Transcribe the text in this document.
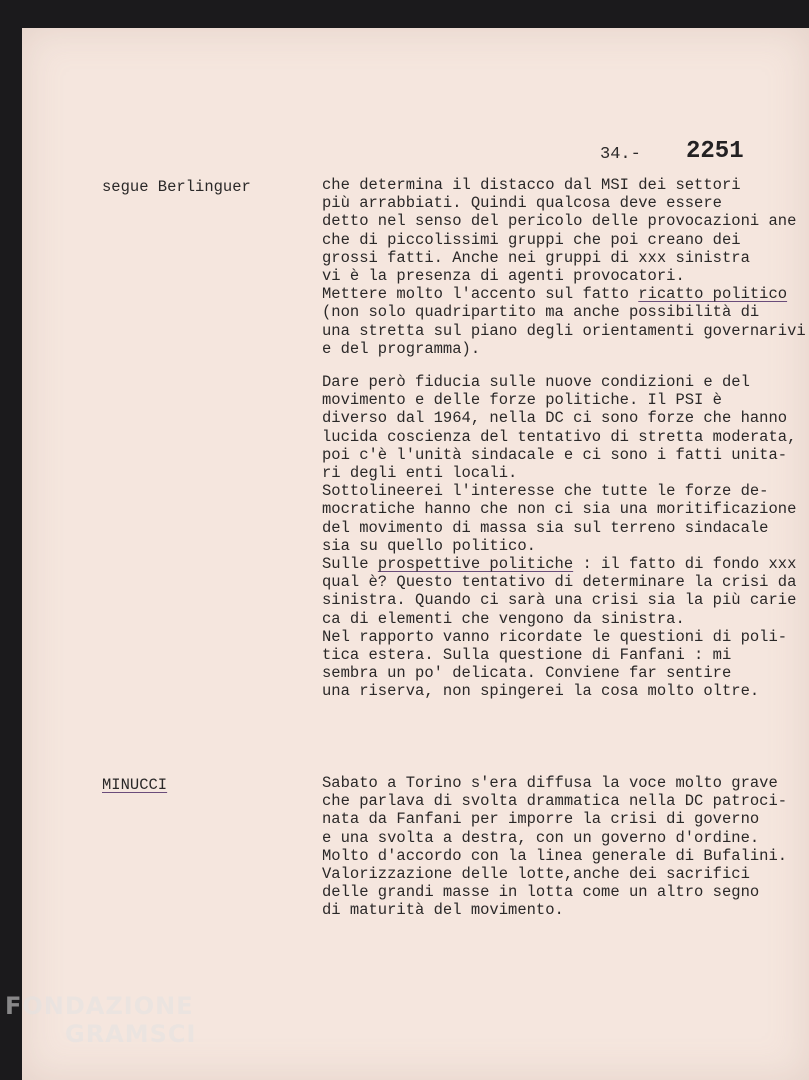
34.- 2251
segue Berlinguer	che determina il distacco dal MSI dei settori
più arrabbiati. Quindi qualcosa deve essere
detto nel senso del pericolo delle provocazioni ane
che di piccolissimi gruppi che poi creano dei
grossi fatti. Anche nei gruppi di xxx sinistra
vi è la presenza di agenti provocatori.
Mettere molto l'accento sul fatto ricatto politico
(non solo quadripartito ma anche possibilità di
una stretta sul piano degli orientamenti governarivi
e del programma).
Dare però fiducia sulle nuove condizioni e del
movimento e delle forze politiche. Il PSI è
diverso dal 1964, nella DC ci sono forze che hanno
lucida coscienza del tentativo di stretta moderata,
poi c'è l'unità sindacale e ci sono i fatti unita-
ri degli enti locali.
Sottolineerei l'interesse che tutte le forze de-
mocratiche hanno che non ci sia una moritificazione
del movimento di massa sia sul terreno sindacale
sia su quello politico.
Sulle prospettive politiche : il fatto di fondo xxx
qual è? Questo tentativo di determinare la crisi da
sinistra. Quando ci sarà una crisi sia la più carie
ca di elementi che vengono da sinistra.
Nel rapporto vanno ricordate le questioni di poli-
tica estera. Sulla questione di Fanfani : mi
sembra un po' delicata. Conviene far sentire
una riserva, non spingerei la cosa molto oltre.
MINUCCI	Sabato a Torino s'era diffusa la voce molto grave
che parlava di svolta drammatica nella DC patroci-
nata da Fanfani per imporre la crisi di governo
e una svolta a destra, con un governo d'ordine.
Molto d'accordo con la linea generale di Bufalini.
Valorizzazione delle lotte,anche dei sacrifici
delle grandi masse in lotta come un altro segno
di maturità del movimento.
FONDAZIONE
GRAMSCI
